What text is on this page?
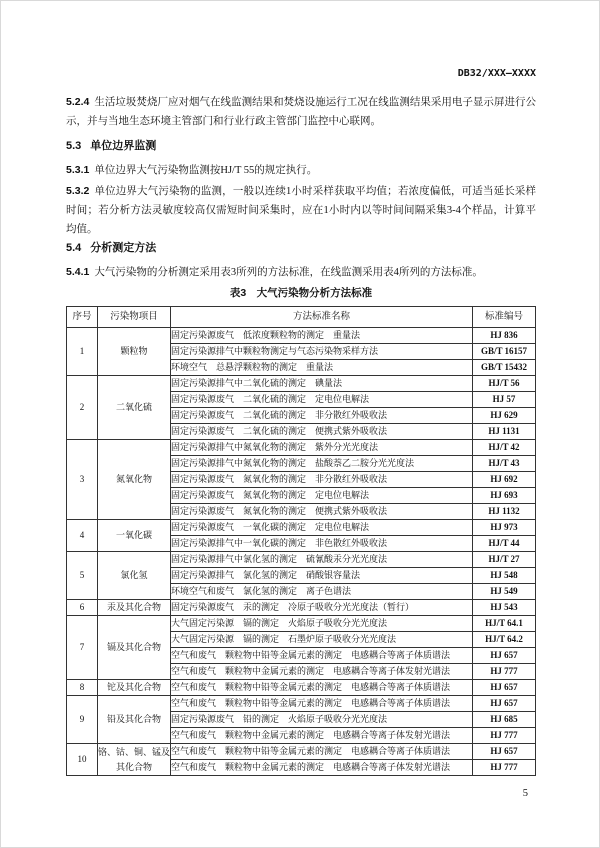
DB32/XXX—XXXX

5.2.4 生活垃圾焚烧厂应对烟气在线监测结果和焚烧设施运行工况在线监测结果采用电子显示屏进行公示，并与当地生态环境主管部门和行业行政主管部门监控中心联网。

5.3 单位边界监测

5.3.1 单位边界大气污染物监测按HJ/T 55的规定执行。

5.3.2 单位边界大气污染物的监测，一般以连续1小时采样获取平均值；若浓度偏低，可适当延长采样时间；若分析方法灵敏度较高仅需短时间采集时，应在1小时内以等时间间隔采集3-4个样品，计算平均值。

5.4 分析测定方法

5.4.1 大气污染物的分析测定采用表3所列的方法标准，在线监测采用表4所列的方法标准。

表3　大气污染物分析方法标准
序号	污染物项目	方法标准名称	标准编号
1	颗粒物	固定污染源废气　低浓度颗粒物的测定　重量法	HJ 836
		固定污染源排气中颗粒物测定与气态污染物采样方法	GB/T 16157
		环境空气　总悬浮颗粒物的测定　重量法	GB/T 15432
2	二氧化硫	固定污染源排气中二氧化硫的测定　碘量法	HJ/T 56
		固定污染源废气　二氧化硫的测定　定电位电解法	HJ 57
		固定污染源废气　二氧化硫的测定　非分散红外吸收法	HJ 629
		固定污染源废气　二氧化硫的测定　便携式紫外吸收法	HJ 1131
3	氮氧化物	固定污染源排气中氮氧化物的测定　紫外分光光度法	HJ/T 42
		固定污染源排气中氮氧化物的测定　盐酸萘乙二胺分光光度法	HJ/T 43
		固定污染源废气　氮氧化物的测定　非分散红外吸收法	HJ 692
		固定污染源废气　氮氧化物的测定　定电位电解法	HJ 693
		固定污染源废气　氮氧化物的测定　便携式紫外吸收法	HJ 1132
4	一氧化碳	固定污染源废气　一氧化碳的测定　定电位电解法	HJ 973
		固定污染源排气中一氧化碳的测定　非色散红外吸收法	HJ/T 44
5	氯化氢	固定污染源排气中氯化氢的测定　硫氰酸汞分光光度法	HJ/T 27
		固定污染源排气　氯化氢的测定　硝酸银容量法	HJ 548
		环境空气和废气　氯化氢的测定　离子色谱法	HJ 549
6	汞及其化合物	固定污染源废气　汞的测定　冷原子吸收分光光度法（暂行）	HJ 543
7	镉及其化合物	大气固定污染源　镉的测定　火焰原子吸收分光光度法	HJ/T 64.1
		大气固定污染源　镉的测定　石墨炉原子吸收分光光度法	HJ/T 64.2
		空气和废气　颗粒物中铅等金属元素的测定　电感耦合等离子体质谱法	HJ 657
		空气和废气　颗粒物中金属元素的测定　电感耦合等离子体发射光谱法	HJ 777
8	铊及其化合物	空气和废气　颗粒物中铅等金属元素的测定　电感耦合等离子体质谱法	HJ 657
9	铅及其化合物	空气和废气　颗粒物中铅等金属元素的测定　电感耦合等离子体质谱法	HJ 657
		固定污染源废气　铅的测定　火焰原子吸收分光光度法	HJ 685
		空气和废气　颗粒物中金属元素的测定　电感耦合等离子体发射光谱法	HJ 777
10	铬、钴、铜、锰及其化合物	空气和废气　颗粒物中铅等金属元素的测定　电感耦合等离子体质谱法	HJ 657
		空气和废气　颗粒物中金属元素的测定　电感耦合等离子体发射光谱法	HJ 777
5
